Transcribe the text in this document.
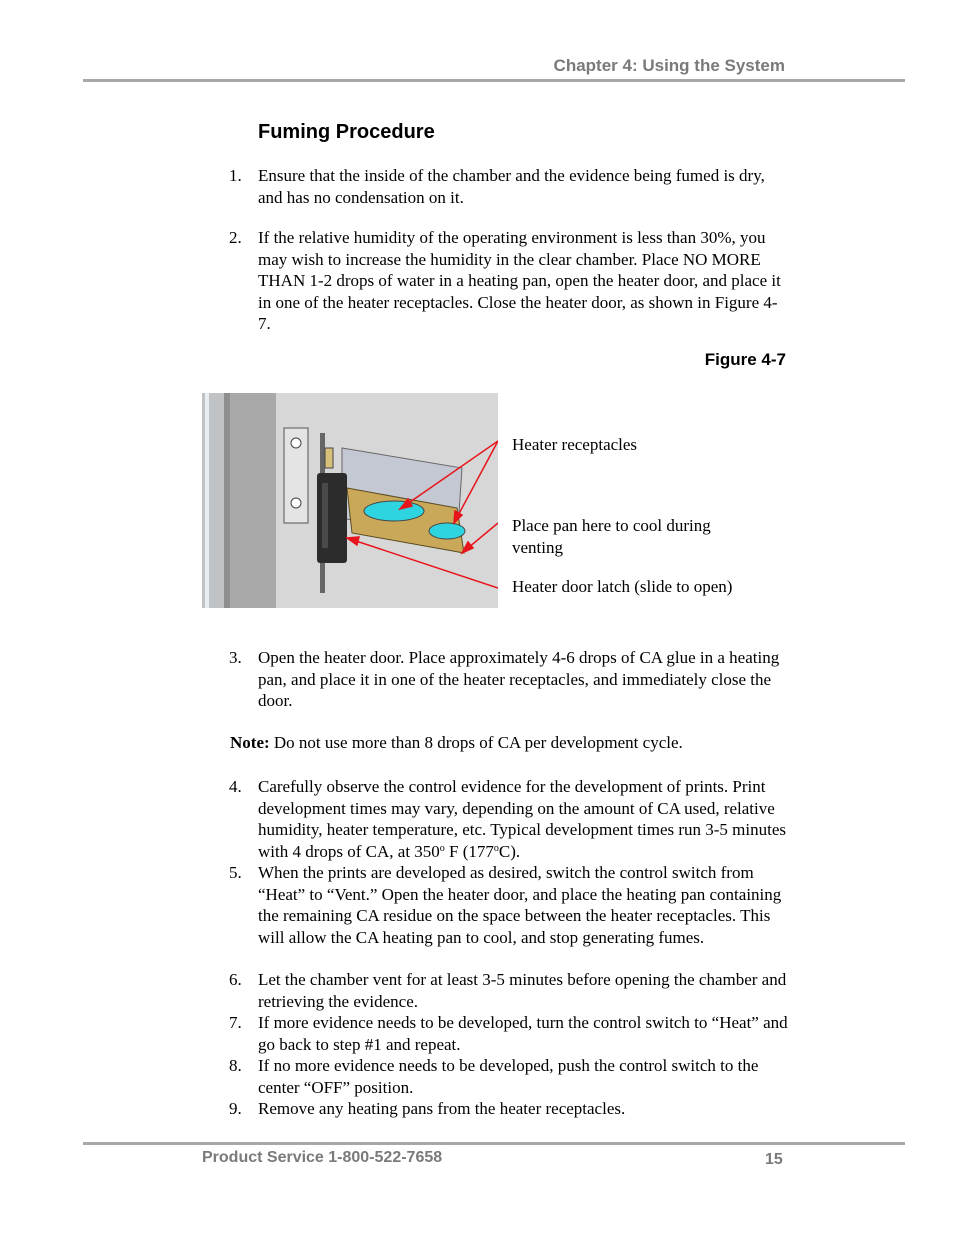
Chapter 4: Using the System
Fuming Procedure
1. Ensure that the inside of the chamber and the evidence being fumed is dry, and has no condensation on it.
2. If the relative humidity of the operating environment is less than 30%, you may wish to increase the humidity in the clear chamber. Place NO MORE THAN 1-2 drops of water in a heating pan, open the heater door, and place it in one of the heater receptacles. Close the heater door, as shown in Figure 4-7.
Figure 4-7
Heater receptacles
Place pan here to cool during venting
Heater door latch (slide to open)
3. Open the heater door. Place approximately 4-6 drops of CA glue in a heating pan, and place it in one of the heater receptacles, and immediately close the door.
Note: Do not use more than 8 drops of CA per development cycle.
4. Carefully observe the control evidence for the development of prints. Print development times may vary, depending on the amount of CA used, relative humidity, heater temperature, etc. Typical development times run 3-5 minutes with 4 drops of CA, at 350$^o$ F (177$^o$C).
5. When the prints are developed as desired, switch the control switch from “Heat” to “Vent.” Open the heater door, and place the heating pan containing the remaining CA residue on the space between the heater receptacles. This will allow the CA heating pan to cool, and stop generating fumes.
6. Let the chamber vent for at least 3-5 minutes before opening the chamber and retrieving the evidence.
7. If more evidence needs to be developed, turn the control switch to “Heat” and go back to step #1 and repeat.
8. If no more evidence needs to be developed, push the control switch to the center “OFF” position.
9. Remove any heating pans from the heater receptacles.
Product Service 1-800-522-7658	15
